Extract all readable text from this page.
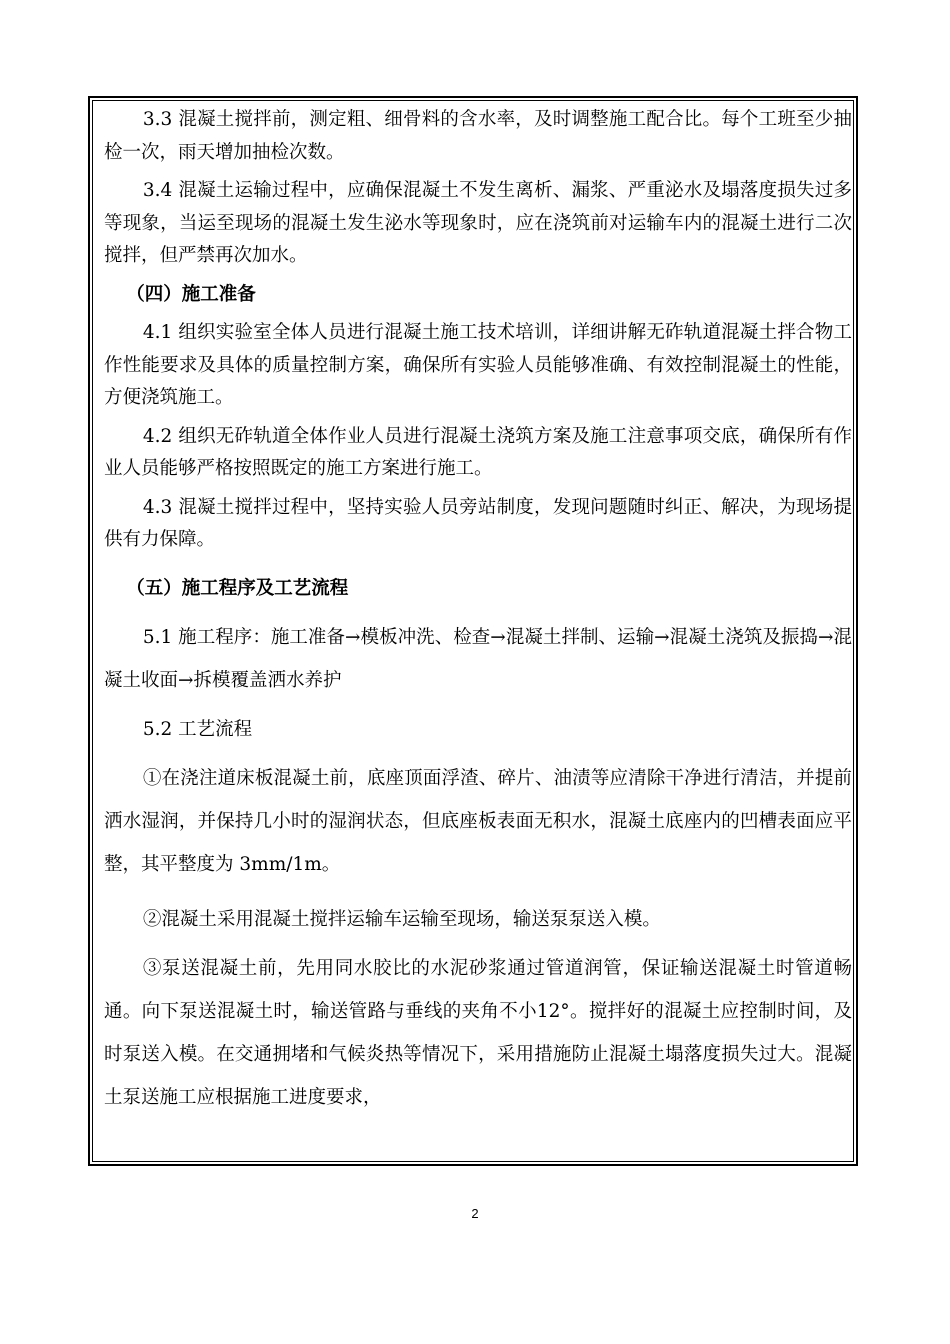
3.3 混凝土搅拌前，测定粗、细骨料的含水率，及时调整施工配合比。每个工班至少抽检一次，雨天增加抽检次数。

3.4 混凝土运输过程中，应确保混凝土不发生离析、漏浆、严重泌水及塌落度损失过多等现象，当运至现场的混凝土发生泌水等现象时，应在浇筑前对运输车内的混凝土进行二次搅拌，但严禁再次加水。

（四）施工准备

4.1 组织实验室全体人员进行混凝土施工技术培训，详细讲解无砟轨道混凝土拌合物工作性能要求及具体的质量控制方案，确保所有实验人员能够准确、有效控制混凝土的性能，方便浇筑施工。

4.2 组织无砟轨道全体作业人员进行混凝土浇筑方案及施工注意事项交底，确保所有作业人员能够严格按照既定的施工方案进行施工。

4.3 混凝土搅拌过程中，坚持实验人员旁站制度，发现问题随时纠正、解决，为现场提供有力保障。

（五）施工程序及工艺流程

5.1 施工程序：施工准备→模板冲洗、检查→混凝土拌制、运输→混凝土浇筑及振捣→混凝土收面→拆模覆盖洒水养护

5.2 工艺流程

①在浇注道床板混凝土前，底座顶面浮渣、碎片、油渍等应清除干净进行清洁，并提前洒水湿润，并保持几小时的湿润状态，但底座板表面无积水，混凝土底座内的凹槽表面应平整，其平整度为 3mm/1m。

②混凝土采用混凝土搅拌运输车运输至现场，输送泵泵送入模。

③泵送混凝土前，先用同水胶比的水泥砂浆通过管道润管，保证输送混凝土时管道畅通。向下泵送混凝土时，输送管路与垂线的夹角不小12°。搅拌好的混凝土应控制时间，及时泵送入模。在交通拥堵和气候炎热等情况下，采用措施防止混凝土塌落度损失过大。混凝土泵送施工应根据施工进度要求，

2
